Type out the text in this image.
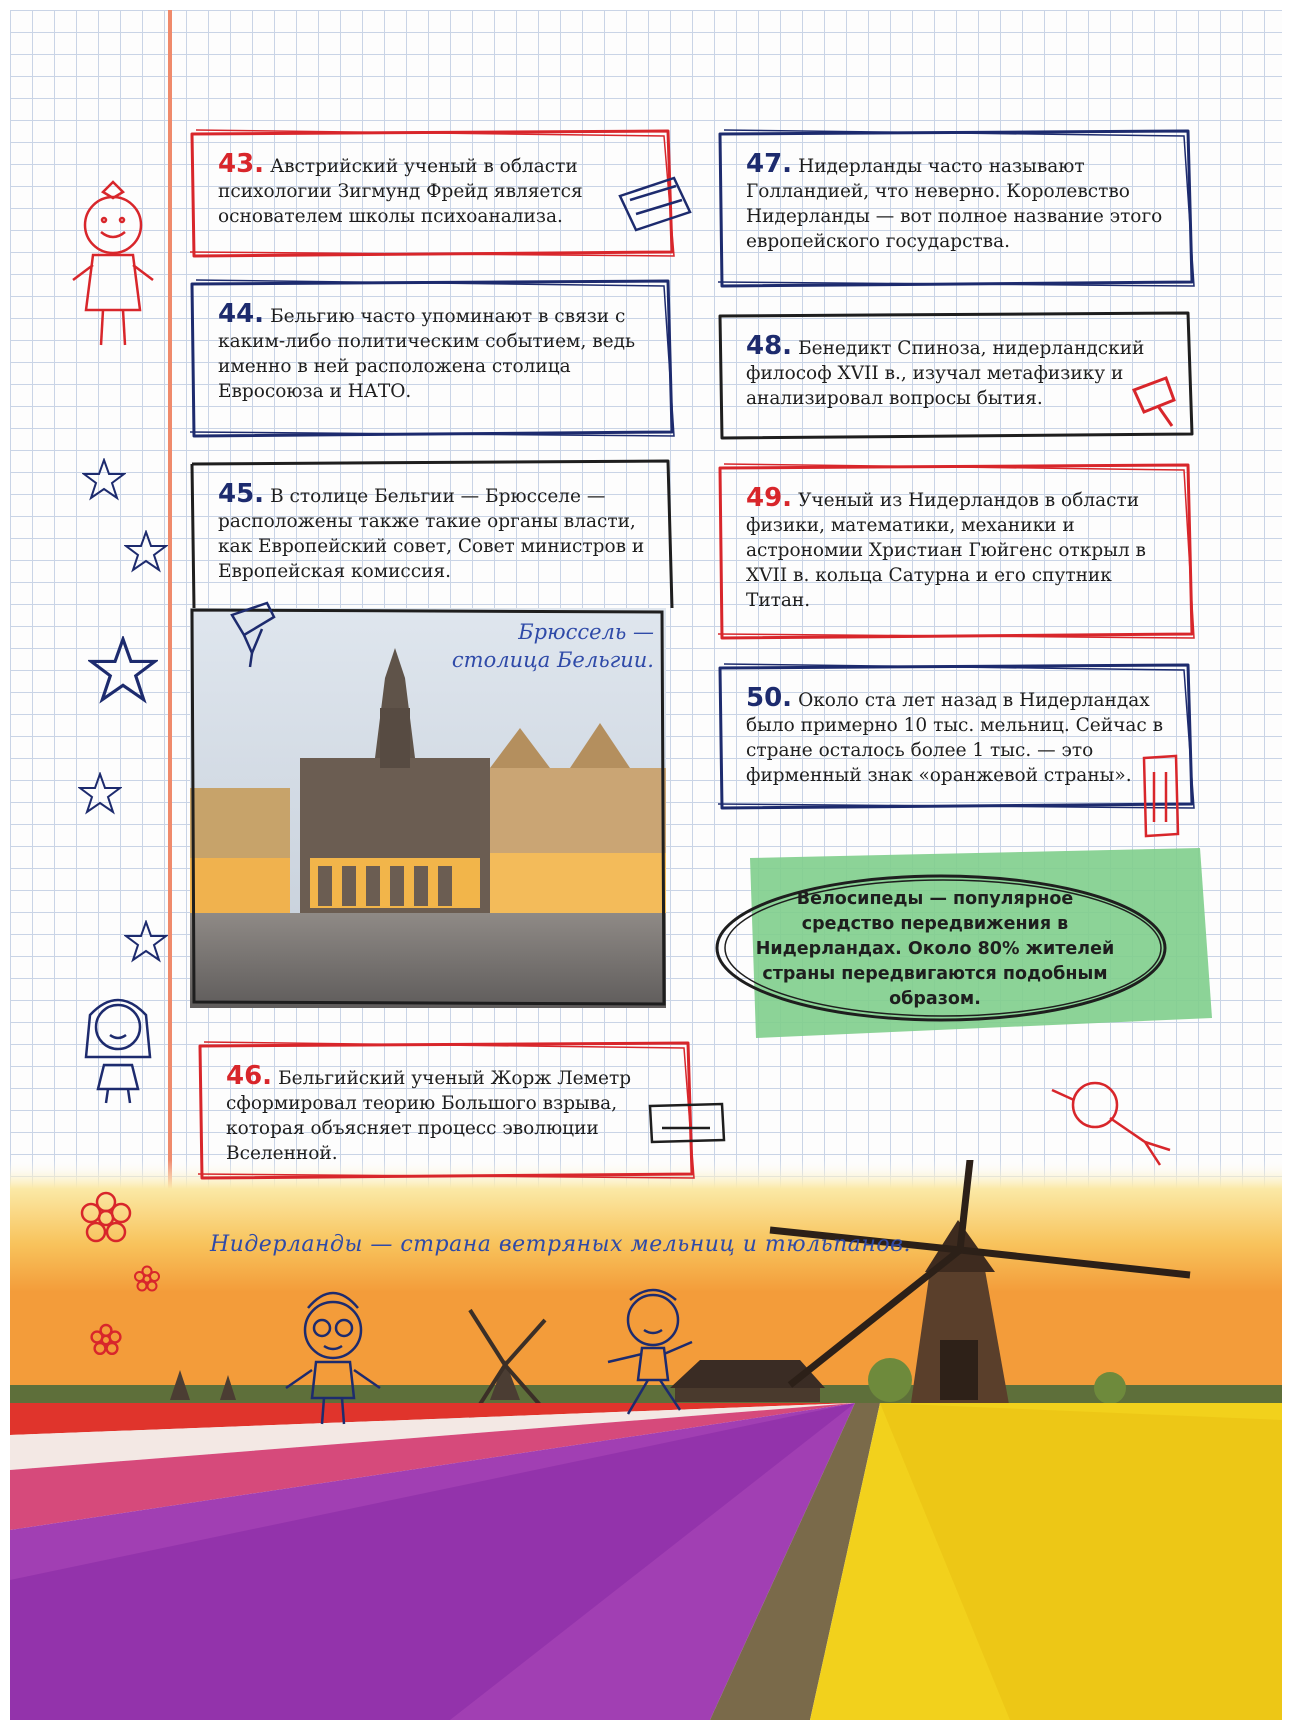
43. Австрийский ученый в области психологии Зигмунд Фрейд является основателем школы психоанализа.
44. Бельгию часто упоминают в связи с каким-либо политическим событием, ведь именно в ней расположена столица Евросоюза и НАТО.
45. В столице Бельгии — Брюсселе — расположены также такие органы власти, как Европейский совет, Совет министров и Европейская комиссия.
Брюссель —
столица Бельгии.
46. Бельгийский ученый Жорж Леметр сформировал теорию Большого взрыва, которая объясняет процесс эволюции Вселенной.
47. Нидерланды часто называют Голландией, что неверно. Королевство Нидерланды — вот полное название этого европейского государства.
48. Бенедикт Спиноза, нидерландский философ XVII в., изучал метафизику и анализировал вопросы бытия.
49. Ученый из Нидерландов в области физики, математики, механики и астрономии Христиан Гюйгенс открыл в XVII в. кольца Сатурна и его спутник Титан.
50. Около ста лет назад в Нидерландах было примерно 10 тыс. мельниц. Сейчас в стране осталось более 1 тыс. — это фирменный знак «оранжевой страны».
Велосипеды — популярное средство передвижения в Нидерландах. Около 80% жителей страны передвигаются подобным образом.
Нидерланды — страна ветряных мельниц и тюльпанов.
